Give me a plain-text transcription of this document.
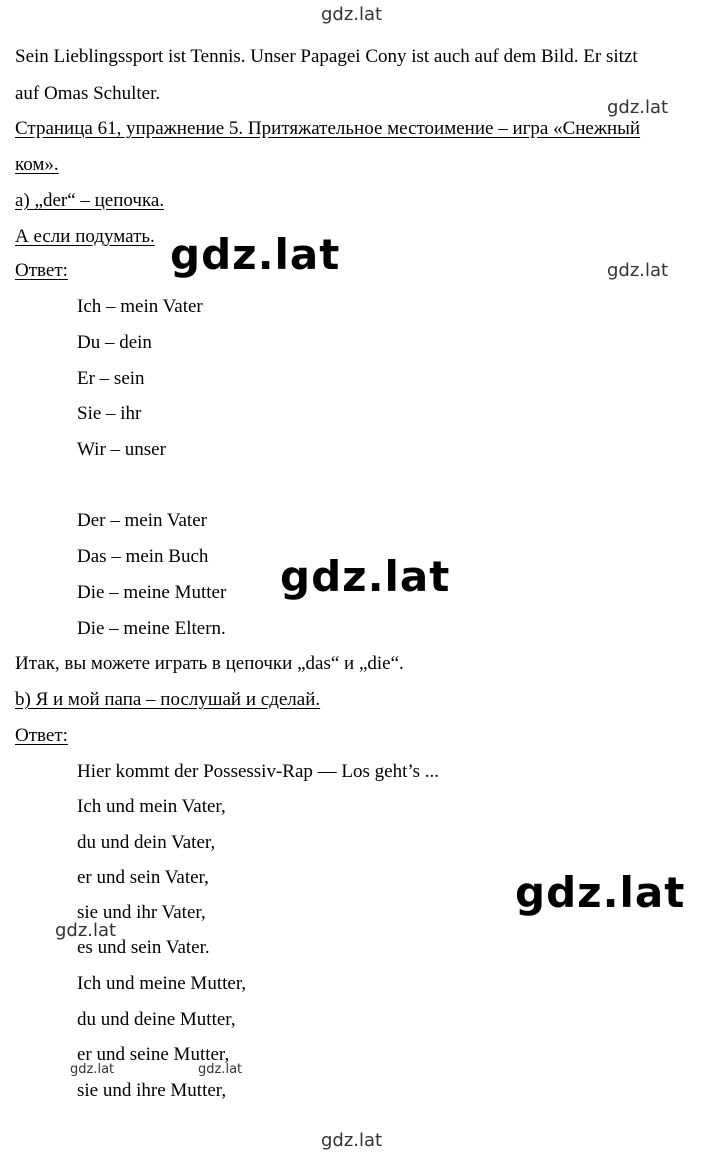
gdz.lat
Sein Lieblingssport ist Tennis. Unser Papagei Cony ist auch auf dem Bild. Er sitzt
auf Omas Schulter.
gdz.lat
Страница 61, упражнение 5. Притяжательное местоимение – игра «Снежный
ком».
a) „der“ – цепочка.
А если подумать. gdz.lat
Ответ:	gdz.lat
Ich – mein Vater
Du – dein
Er – sein
Sie – ihr
Wir – unser
Der – mein Vater
Das – mein Buch gdz.lat
Die – meine Mutter
Die – meine Eltern.
Итак, вы можете играть в цепочки „das“ и „die“.
b) Я и мой папа – послушай и сделай.
Ответ:
Hier kommt der Possessiv-Rap — Los geht’s ...
Ich und mein Vater,
du und dein Vater,
er und sein Vater,	gdz.lat
sie und ihr Vater,
gdz.lat
es und sein Vater.
Ich und meine Mutter,
du und deine Mutter,
er und seine Mutter,
gdz.lat	gdz.lat
sie und ihre Mutter,
gdz.lat
